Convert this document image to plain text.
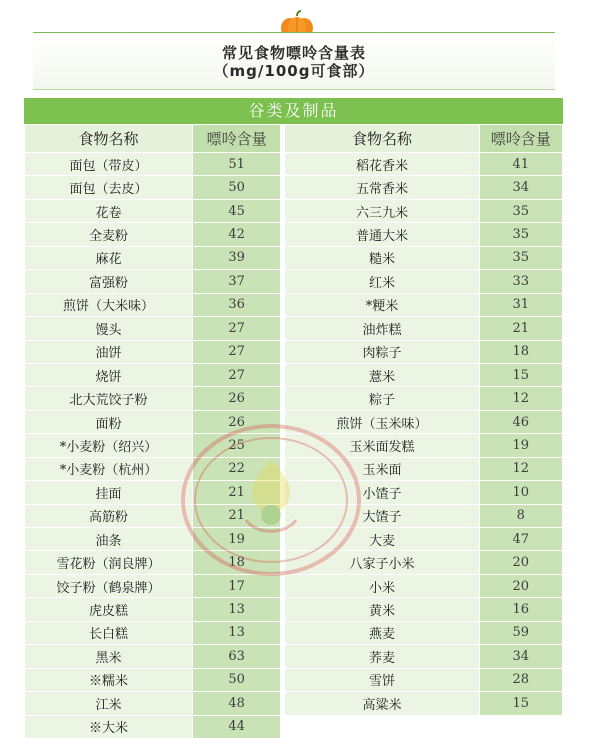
常见食物嘌呤含量表
（mg/100g可食部）
谷类及制品
食物名称	嘌呤含量		食物名称	嘌呤含量
面包（带皮）	51		稻花香米	41
面包（去皮）	50		五常香米	34
花卷	45		六三九米	35
全麦粉	42		普通大米	35
麻花	39		糙米	35
富强粉	37		红米	33
煎饼（大米味）	36		*粳米	31
馒头	27		油炸糕	21
油饼	27		肉粽子	18
烧饼	27		薏米	15
北大荒饺子粉	26		粽子	12
面粉	26		煎饼（玉米味）	46
*小麦粉（绍兴）	25		玉米面发糕	19
*小麦粉（杭州）	22		玉米面	12
挂面	21		小馇子	10
高筋粉	21		大馇子	8
油条	19		大麦	47
雪花粉（润良牌）	18		八家子小米	20
饺子粉（鹤泉牌）	17		小米	20
虎皮糕	13		黄米	16
长白糕	13		燕麦	59
黑米	63		荞麦	34
※糯米	50		雪饼	28
江米	48		高粱米	15
※大米	44			
